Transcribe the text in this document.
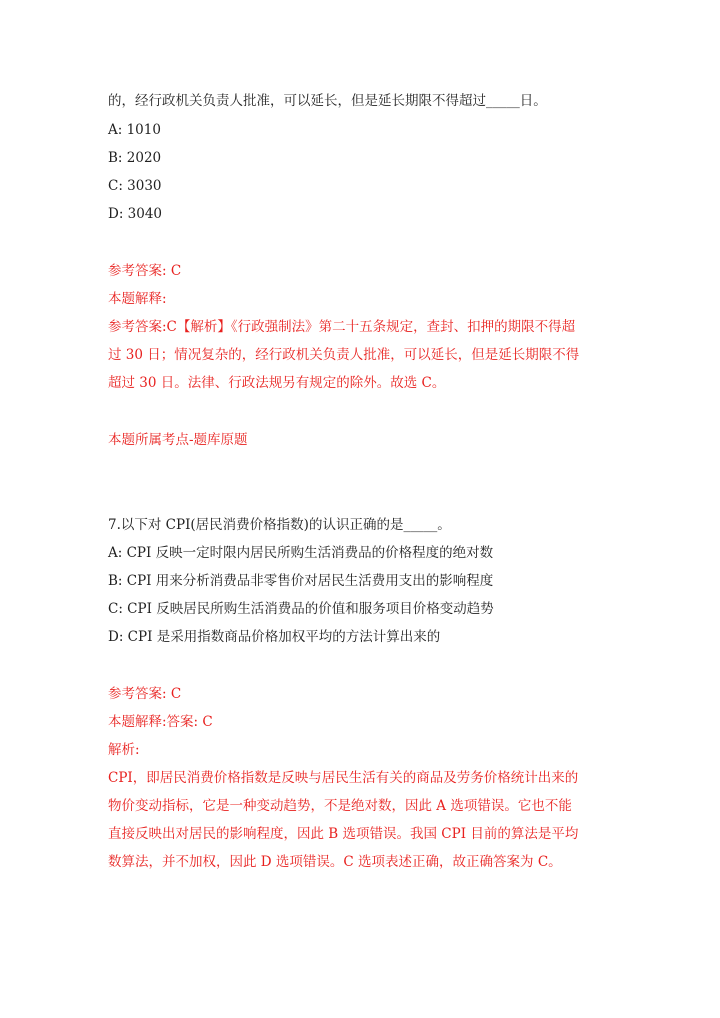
的，经行政机关负责人批准，可以延长，但是延长期限不得超过_____日。
A: 1010
B: 2020
C: 3030
D: 3040
参考答案: C
本题解释:
参考答案:C【解析】《行政强制法》第二十五条规定，查封、扣押的期限不得超
过 30 日；情况复杂的，经行政机关负责人批准，可以延长，但是延长期限不得
超过 30 日。法律、行政法规另有规定的除外。故选 C。
本题所属考点-题库原题
7.以下对 CPI(居民消费价格指数)的认识正确的是_____。
A: CPI 反映一定时限内居民所购生活消费品的价格程度的绝对数
B: CPI 用来分析消费品非零售价对居民生活费用支出的影响程度
C: CPI 反映居民所购生活消费品的价值和服务项目价格变动趋势
D: CPI 是采用指数商品价格加权平均的方法计算出来的
参考答案: C
本题解释:答案: C
解析:
CPI，即居民消费价格指数是反映与居民生活有关的商品及劳务价格统计出来的
物价变动指标，它是一种变动趋势，不是绝对数，因此 A 选项错误。它也不能
直接反映出对居民的影响程度，因此 B 选项错误。我国 CPI 目前的算法是平均
数算法，并不加权，因此 D 选项错误。C 选项表述正确，故正确答案为 C。
